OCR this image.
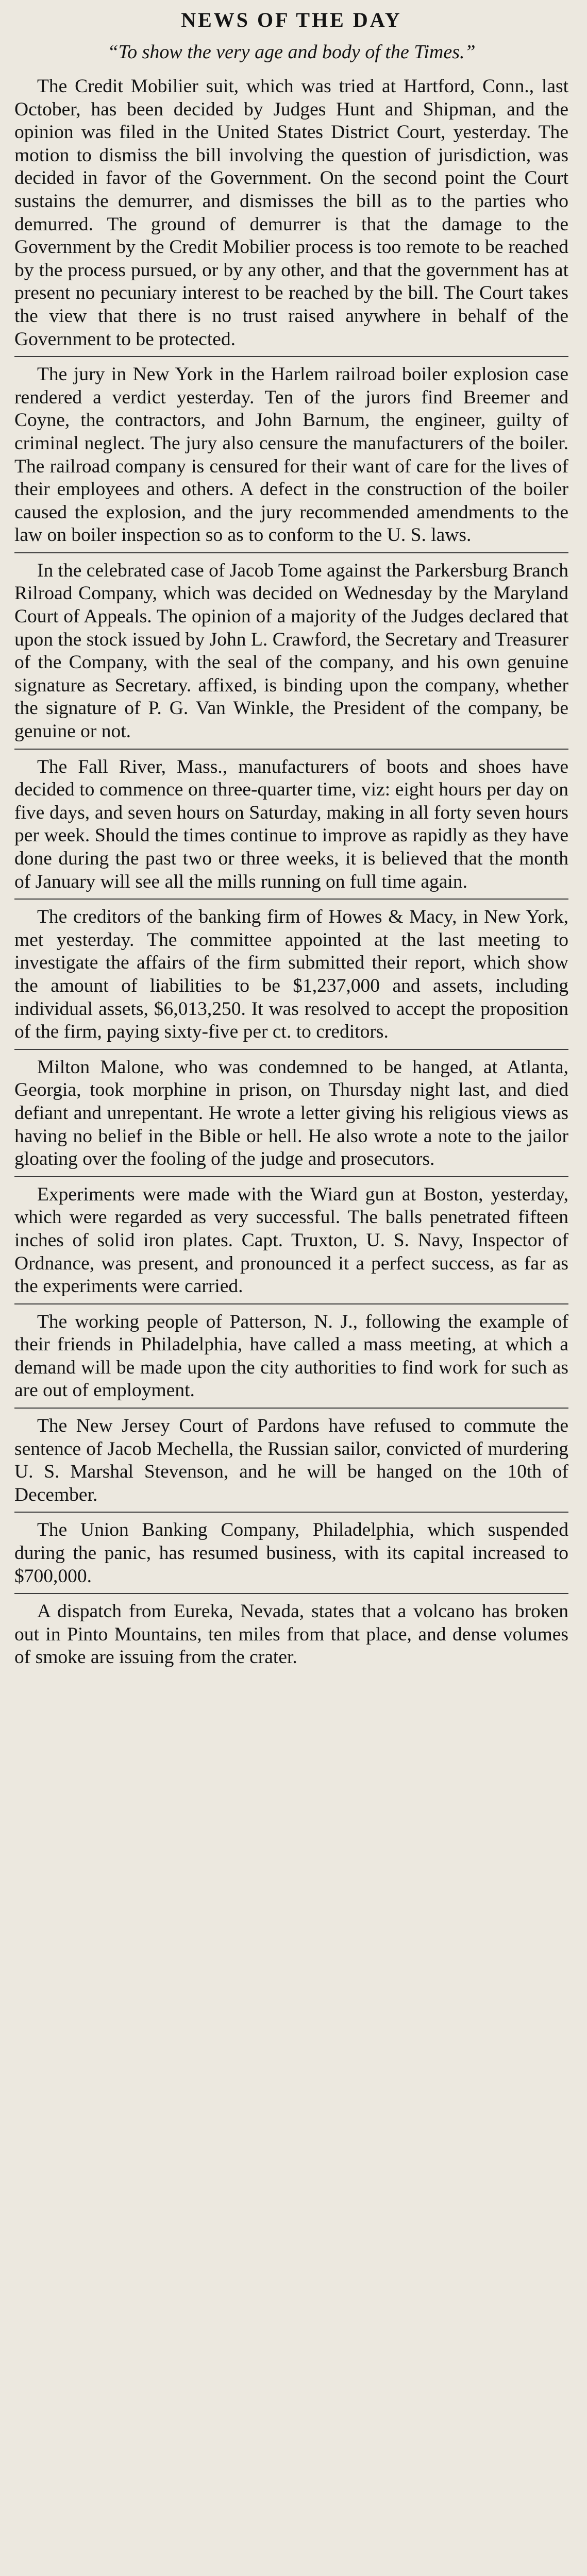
NEWS OF THE DAY
“To show the very age and body of the Times.”

The Credit Mobilier suit, which was tried at Hartford, Conn., last October, has been decided by Judges Hunt and Shipman, and the opinion was filed in the United States District Court, yesterday. The motion to dismiss the bill involving the question of jurisdiction, was decided in favor of the Government. On the second point the Court sustains the demurrer, and dismisses the bill as to the parties who demurred. The ground of demurrer is that the damage to the Government by the Credit Mobilier process is too remote to be reached by the process pursued, or by any other, and that the government has at present no pecuniary interest to be reached by the bill. The Court takes the view that there is no trust raised anywhere in behalf of the Government to be protected.

The jury in New York in the Harlem railroad boiler explosion case rendered a verdict yesterday. Ten of the jurors find Breemer and Coyne, the contractors, and John Barnum, the engineer, guilty of criminal neglect. The jury also censure the manufacturers of the boiler. The railroad company is censured for their want of care for the lives of their employees and others. A defect in the construction of the boiler caused the explosion, and the jury recommended amendments to the law on boiler inspection so as to conform to the U. S. laws.

In the celebrated case of Jacob Tome against the Parkersburg Branch Rilroad Company, which was decided on Wednesday by the Maryland Court of Appeals. The opinion of a majority of the Judges declared that upon the stock issued by John L. Crawford, the Secretary and Treasurer of the Company, with the seal of the company, and his own genuine signature as Secretary. affixed, is binding upon the company, whether the signature of P. G. Van Winkle, the President of the company, be genuine or not.

The Fall River, Mass., manufacturers of boots and shoes have decided to commence on three-quarter time, viz: eight hours per day on five days, and seven hours on Saturday, making in all forty seven hours per week. Should the times continue to improve as rapidly as they have done during the past two or three weeks, it is believed that the month of January will see all the mills running on full time again.

The creditors of the banking firm of Howes & Macy, in New York, met yesterday. The committee appointed at the last meeting to investigate the affairs of the firm submitted their report, which show the amount of liabilities to be $1,237,000 and assets, including individual assets, $6,013,250. It was resolved to accept the proposition of the firm, paying sixty-five per ct. to creditors.

Milton Malone, who was condemned to be hanged, at Atlanta, Georgia, took morphine in prison, on Thursday night last, and died defiant and unrepentant. He wrote a letter giving his religious views as having no belief in the Bible or hell. He also wrote a note to the jailor gloating over the fooling of the judge and prosecutors.

Experiments were made with the Wiard gun at Boston, yesterday, which were regarded as very successful. The balls penetrated fifteen inches of solid iron plates. Capt. Truxton, U. S. Navy, Inspector of Ordnance, was present, and pronounced it a perfect success, as far as the experiments were carried.

The working people of Patterson, N. J., following the example of their friends in Philadelphia, have called a mass meeting, at which a demand will be made upon the city authorities to find work for such as are out of employment.

The New Jersey Court of Pardons have refused to commute the sentence of Jacob Mechella, the Russian sailor, convicted of murdering U. S. Marshal Stevenson, and he will be hanged on the 10th of December.

The Union Banking Company, Philadelphia, which suspended during the panic, has resumed business, with its capital increased to $700,000.

A dispatch from Eureka, Nevada, states that a volcano has broken out in Pinto Mountains, ten miles from that place, and dense volumes of smoke are issuing from the crater.
